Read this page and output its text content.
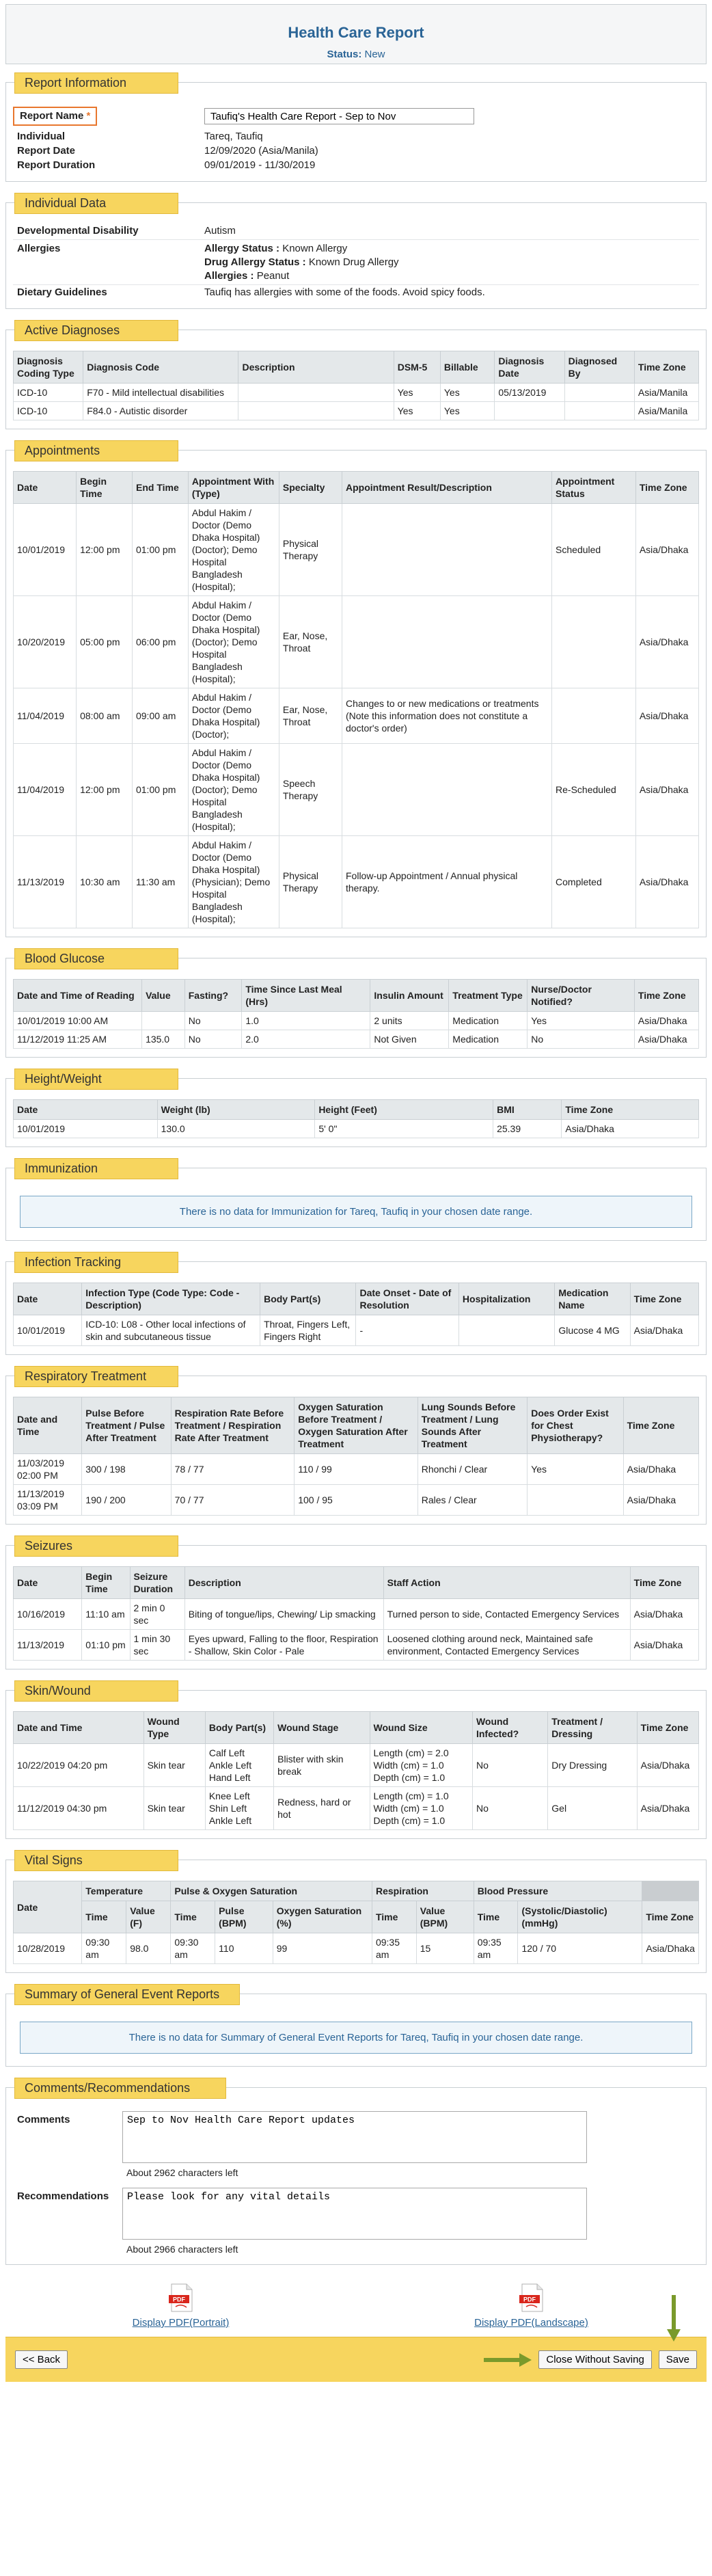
Health Care Report
Status: New
Report Information
Report Name *
Taufiq's Health Care Report - Sep to Nov
Individual	Tareq, Taufiq
Report Date	12/09/2020 (Asia/Manila)
Report Duration	09/01/2019 - 11/30/2019
Individual Data
Developmental Disability	Autism
Allergies	Allergy Status : Known Allergy
Drug Allergy Status : Known Drug Allergy
Allergies : Peanut
Dietary Guidelines	Taufiq has allergies with some of the foods. Avoid spicy foods.
Active Diagnoses
Diagnosis Coding Type	Diagnosis Code	Description	DSM-5	Billable	Diagnosis Date	Diagnosed By	Time Zone
ICD-10	F70 - Mild intellectual disabilities		Yes	Yes	05/13/2019		Asia/Manila
ICD-10	F84.0 - Autistic disorder		Yes	Yes			Asia/Manila
Appointments
Date	Begin Time	End Time	Appointment With (Type)	Specialty	Appointment Result/Description	Appointment Status	Time Zone
10/01/2019	12:00 pm	01:00 pm	Abdul Hakim / Doctor (Demo Dhaka Hospital) (Doctor); Demo Hospital Bangladesh (Hospital);	Physical Therapy		Scheduled	Asia/Dhaka
10/20/2019	05:00 pm	06:00 pm	Abdul Hakim / Doctor (Demo Dhaka Hospital) (Doctor); Demo Hospital Bangladesh (Hospital);	Ear, Nose, Throat			Asia/Dhaka
11/04/2019	08:00 am	09:00 am	Abdul Hakim / Doctor (Demo Dhaka Hospital) (Doctor);	Ear, Nose, Throat	Changes to or new medications or treatments (Note this information does not constitute a doctor's order)		Asia/Dhaka
11/04/2019	12:00 pm	01:00 pm	Abdul Hakim / Doctor (Demo Dhaka Hospital) (Doctor); Demo Hospital Bangladesh (Hospital);	Speech Therapy		Re-Scheduled	Asia/Dhaka
11/13/2019	10:30 am	11:30 am	Abdul Hakim / Doctor (Demo Dhaka Hospital) (Physician); Demo Hospital Bangladesh (Hospital);	Physical Therapy	Follow-up Appointment / Annual physical therapy.	Completed	Asia/Dhaka
Blood Glucose
Date and Time of Reading	Value	Fasting?	Time Since Last Meal (Hrs)	Insulin Amount	Treatment Type	Nurse/Doctor Notified?	Time Zone
10/01/2019 10:00 AM		No	1.0	2 units	Medication	Yes	Asia/Dhaka
11/12/2019 11:25 AM	135.0	No	2.0	Not Given	Medication	No	Asia/Dhaka
Height/Weight
Date	Weight (lb)	Height (Feet)	BMI	Time Zone
10/01/2019	130.0	5' 0"	25.39	Asia/Dhaka
Immunization
There is no data for Immunization for Tareq, Taufiq in your chosen date range.
Infection Tracking
Date	Infection Type (Code Type: Code - Description)	Body Part(s)	Date Onset - Date of Resolution	Hospitalization	Medication Name	Time Zone
10/01/2019	ICD-10: L08 - Other local infections of skin and subcutaneous tissue	Throat, Fingers Left, Fingers Right	-		Glucose 4 MG	Asia/Dhaka
Respiratory Treatment
Date and Time	Pulse Before Treatment / Pulse After Treatment	Respiration Rate Before Treatment / Respiration Rate After Treatment	Oxygen Saturation Before Treatment / Oxygen Saturation After Treatment	Lung Sounds Before Treatment / Lung Sounds After Treatment	Does Order Exist for Chest Physiotherapy?	Time Zone
11/03/2019 02:00 PM	300 / 198	78 / 77	110 / 99	Rhonchi / Clear	Yes	Asia/Dhaka
11/13/2019 03:09 PM	190 / 200	70 / 77	100 / 95	Rales / Clear		Asia/Dhaka
Seizures
Date	Begin Time	Seizure Duration	Description	Staff Action	Time Zone
10/16/2019	11:10 am	2 min 0 sec	Biting of tongue/lips, Chewing/ Lip smacking	Turned person to side, Contacted Emergency Services	Asia/Dhaka
11/13/2019	01:10 pm	1 min 30 sec	Eyes upward, Falling to the floor, Respiration - Shallow, Skin Color - Pale	Loosened clothing around neck, Maintained safe environment, Contacted Emergency Services	Asia/Dhaka
Skin/Wound
Date and Time	Wound Type	Body Part(s)	Wound Stage	Wound Size	Wound Infected?	Treatment / Dressing	Time Zone
10/22/2019 04:20 pm	Skin tear	Calf Left Ankle Left Hand Left	Blister with skin break	Length (cm) = 2.0 Width (cm) = 1.0 Depth (cm) = 1.0	No	Dry Dressing	Asia/Dhaka
11/12/2019 04:30 pm	Skin tear	Knee Left Shin Left Ankle Left	Redness, hard or hot	Length (cm) = 1.0 Width (cm) = 1.0 Depth (cm) = 1.0	No	Gel	Asia/Dhaka
Vital Signs
Date	Temperature		Pulse & Oxygen Saturation			Respiration		Blood Pressure		
	Time	Value (F)	Time	Pulse (BPM)	Oxygen Saturation (%)	Time	Value (BPM)	Time	(Systolic/Diastolic) (mmHg)	Time Zone
10/28/2019	09:30 am	98.0	09:30 am	110	99	09:35 am	15	09:35 am	120 / 70	Asia/Dhaka
Summary of General Event Reports
There is no data for Summary of General Event Reports for Tareq, Taufiq in your chosen date range.
Comments/Recommendations
Comments
Sep to Nov Health Care Report updates
About 2962 characters left
Recommendations
Please look for any vital details
About 2966 characters left
PDF
Display PDF(Portrait)
PDF
Display PDF(Landscape)
<< Back	Close Without Saving	Save
